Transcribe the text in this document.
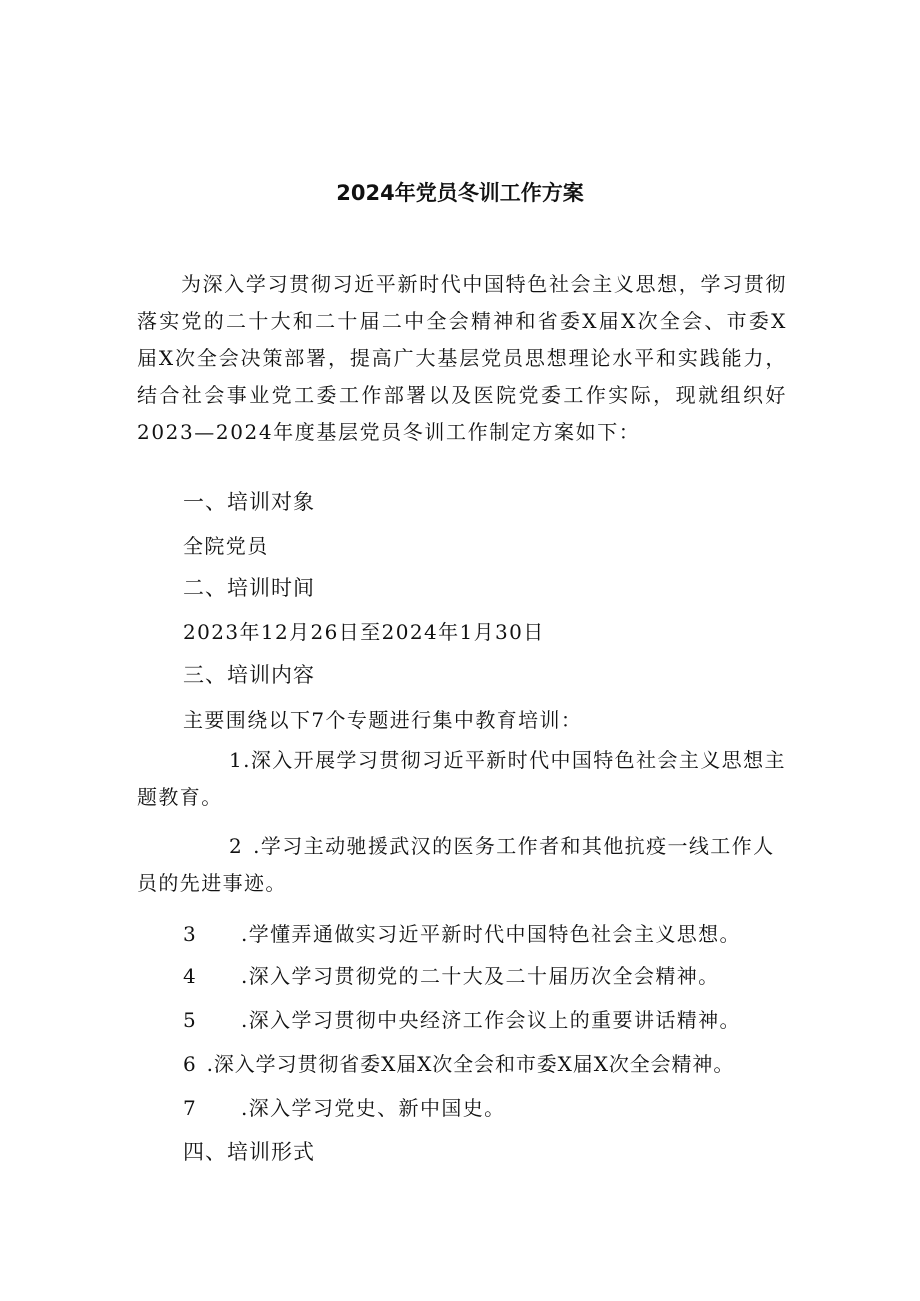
2024年党员冬训工作方案
为深入学习贯彻习近平新时代中国特色社会主义思想，学习贯彻落实党的二十大和二十届二中全会精神和省委X届X次全会、市委X届X次全会决策部署，提高广大基层党员思想理论水平和实践能力，结合社会事业党工委工作部署以及医院党委工作实际，现就组织好2023—2024年度基层党员冬训工作制定方案如下：
一、培训对象
全院党员
二、培训时间
2023年12月26日至2024年1月30日
三、培训内容
主要围绕以下7个专题进行集中教育培训：
1.深入开展学习贯彻习近平新时代中国特色社会主义思想主题教育。
2 .学习主动驰援武汉的医务工作者和其他抗疫一线工作人员的先进事迹。
3 .学懂弄通做实习近平新时代中国特色社会主义思想。
4 .深入学习贯彻党的二十大及二十届历次全会精神。
5 .深入学习贯彻中央经济工作会议上的重要讲话精神。
6 .深入学习贯彻省委X届X次全会和市委X届X次全会精神。
7 .深入学习党史、新中国史。
四、培训形式
